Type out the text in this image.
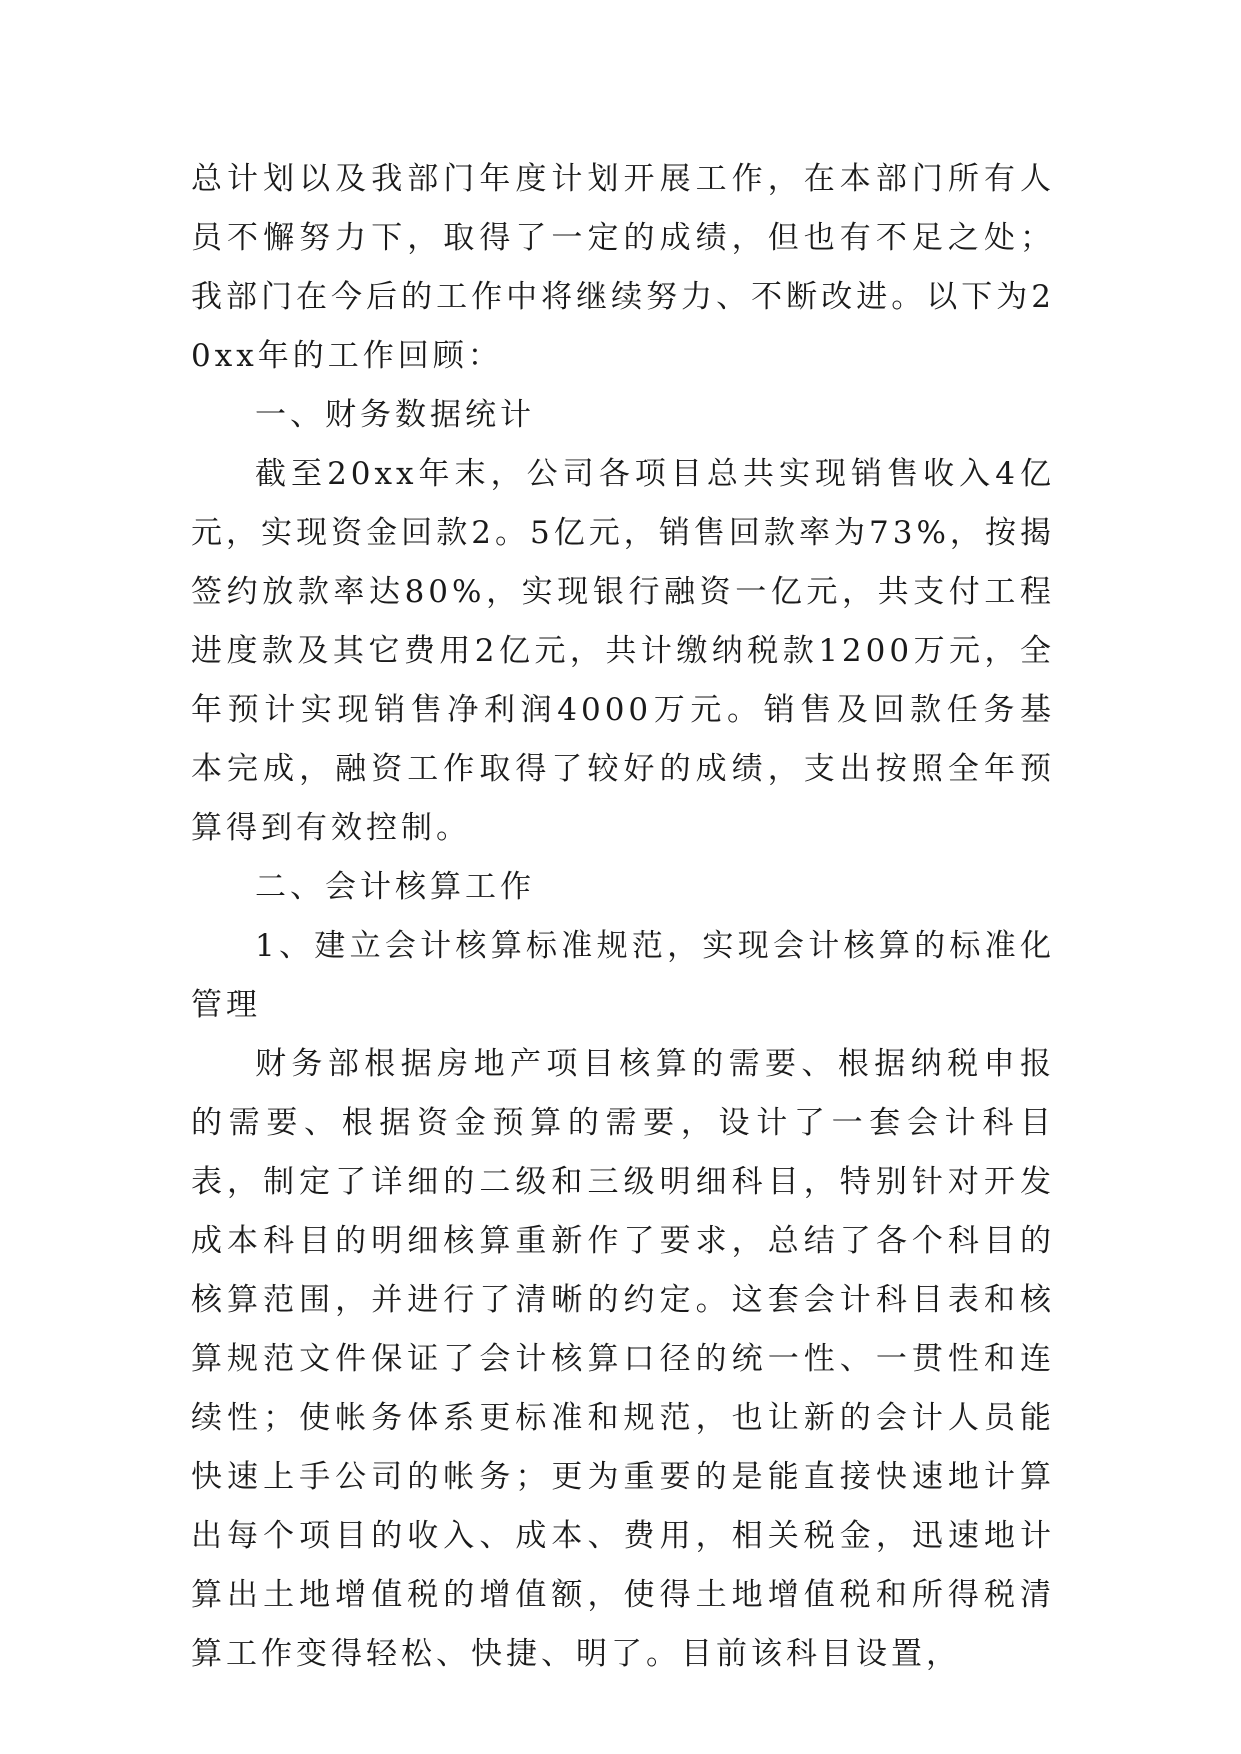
总计划以及我部门年度计划开展工作，在本部门所有人员不懈努力下，取得了一定的成绩，但也有不足之处；我部门在今后的工作中将继续努力、不断改进。以下为20xx年的工作回顾：

一、财务数据统计

截至20xx年末，公司各项目总共实现销售收入4亿元，实现资金回款2。5亿元，销售回款率为73%，按揭签约放款率达80%，实现银行融资一亿元，共支付工程进度款及其它费用2亿元，共计缴纳税款1200万元，全年预计实现销售净利润4000万元。销售及回款任务基本完成，融资工作取得了较好的成绩，支出按照全年预算得到有效控制。

二、会计核算工作

1、建立会计核算标准规范，实现会计核算的标准化管理

财务部根据房地产项目核算的需要、根据纳税申报的需要、根据资金预算的需要，设计了一套会计科目表，制定了详细的二级和三级明细科目，特别针对开发成本科目的明细核算重新作了要求，总结了各个科目的核算范围，并进行了清晰的约定。这套会计科目表和核算规范文件保证了会计核算口径的统一性、一贯性和连续性；使帐务体系更标准和规范，也让新的会计人员能快速上手公司的帐务；更为重要的是能直接快速地计算出每个项目的收入、成本、费用，相关税金，迅速地计算出土地增值税的增值额，使得土地增值税和所得税清算工作变得轻松、快捷、明了。目前该科目设置，
